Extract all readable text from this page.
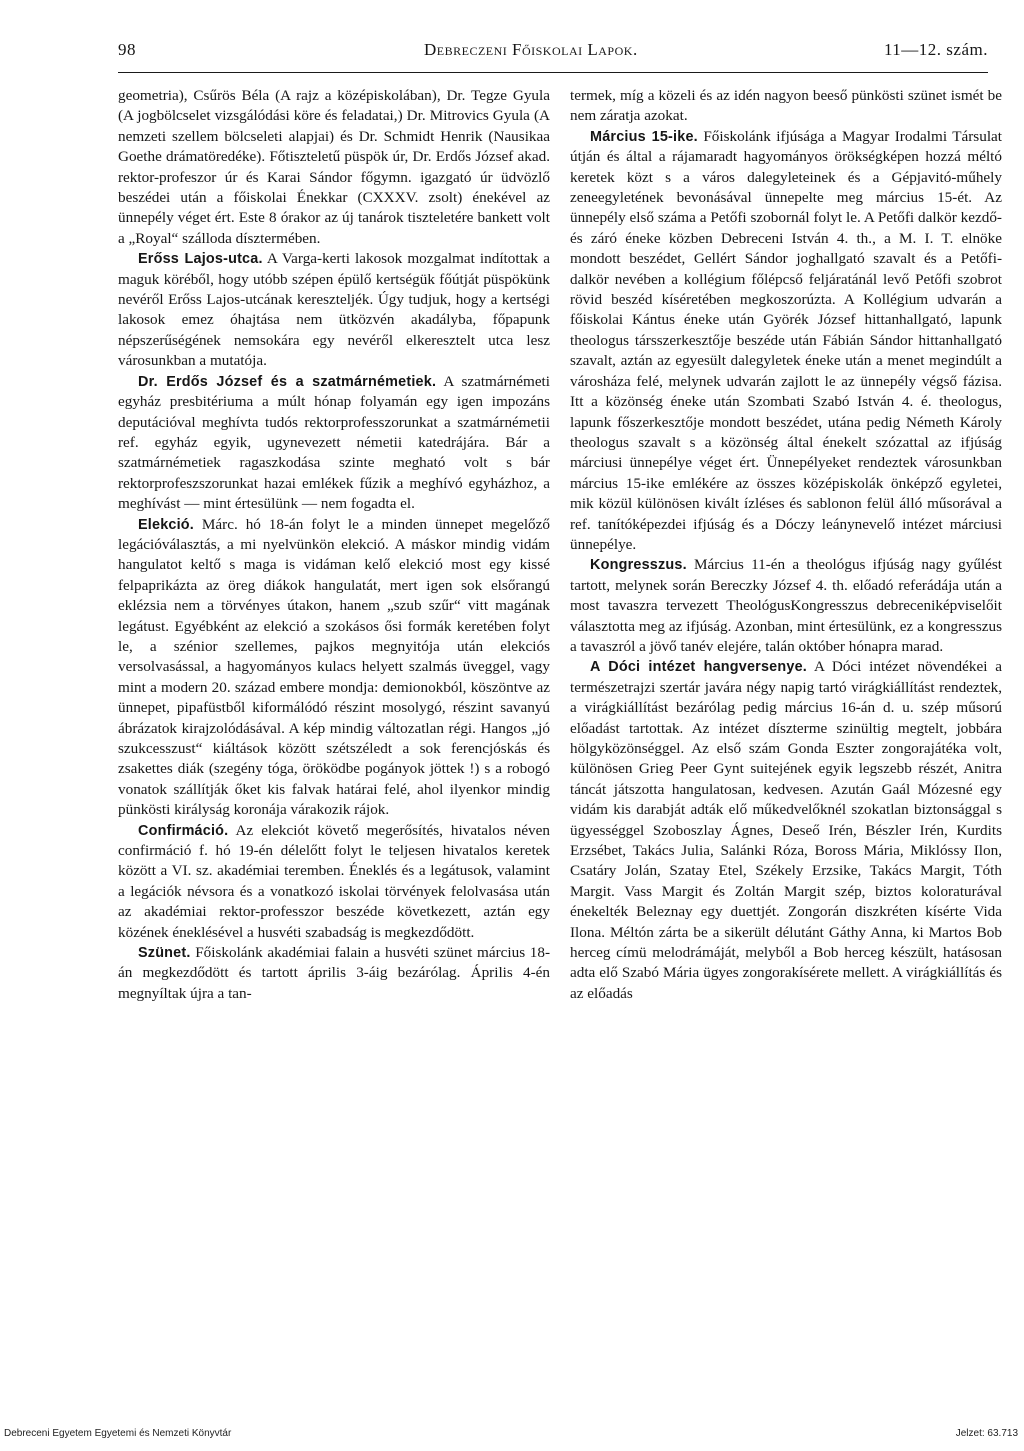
98	Debreczeni Főiskolai Lapok.	11—12. szám.

geometria), Csűrös Béla (A rajz a középiskolában), Dr. Tegze Gyula (A jogbölcselet vizsgálódási köre és feladatai,) Dr. Mitrovics Gyula (A nemzeti szellem bölcseleti alapjai) és Dr. Schmidt Henrik (Nausikaa Goethe drámatöredéke). Főtiszteletű püspök úr, Dr. Erdős József akad. rektor-profeszor úr és Karai Sándor főgymn. igazgató úr üdvözlő beszédei után a főiskolai Énekkar (CXXXV. zsolt) énekével az ünnepély véget ért. Este 8 órakor az új tanárok tiszteletére bankett volt a „Royal“ szálloda dísztermében.

Erőss Lajos-utca. A Varga-kerti lakosok mozgalmat indítottak a maguk köréből, hogy utóbb szépen épülő kertségük főútját püspökünk nevéről Erőss Lajos-utcának kereszteljék. Úgy tudjuk, hogy a kertségi lakosok emez óhajtása nem ütközvén akadályba, főpapunk népszerűségének nemsokára egy nevéről elkeresztelt utca lesz városunkban a mutatója.

Dr. Erdős József és a szatmárnémetiek. A szatmárnémeti egyház presbitériuma a múlt hónap folyamán egy igen impozáns deputációval meghívta tudós rektorprofesszorunkat a szatmárnémetii ref. egyház egyik, ugynevezett németii katedrájára. Bár a szatmárnémetiek ragaszkodása szinte megható volt s bár rektorprofeszszorunkat hazai emlékek fűzik a meghívó egyházhoz, a meghívást — mint értesülünk — nem fogadta el.

Elekció. Márc. hó 18-án folyt le a minden ünnepet megelőző legációválasztás, a mi nyelvünkön elekció. A máskor mindig vidám hangulatot keltő s maga is vidáman kelő elekció most egy kissé felpaprikázta az öreg diákok hangulatát, mert igen sok elsőrangú eklézsia nem a törvényes útakon, hanem „szub szűr“ vitt magának legátust. Egyébként az elekció a szokásos ősi formák keretében folyt le, a szénior szellemes, pajkos megnyitója után elekciós versolvasással, a hagyományos kulacs helyett szalmás üveggel, vagy mint a modern 20. század embere mondja: demionokból, köszöntve az ünnepet, pipafüstből kiformálódó részint mosolygó, részint savanyú ábrázatok kirajzolódásával. A kép mindig változatlan régi. Hangos „jó szukcesszust“ kiáltások között szétszéledt a sok ferencjóskás és zsakettes diák (szegény tóga, öröködbe pogányok jöttek !) s a robogó vonatok szállítják őket kis falvak határai felé, ahol ilyenkor mindig pünkösti királyság koronája várakozik rájok.

Confirmáció. Az elekciót követő megerősítés, hivatalos néven confirmáció f. hó 19-én délelőtt folyt le teljesen hivatalos keretek között a VI. sz. akadémiai teremben. Éneklés és a legátusok, valamint a legációk névsora és a vonatkozó iskolai törvények felolvasása után az akadémiai rektor-professzor beszéde következett, aztán egy közének éneklésével a husvéti szabadság is megkezdődött.

Szünet. Főiskolánk akadémiai falain a husvéti szünet március 18-án megkezdődött és tartott április 3-áig bezárólag. Április 4-én megnyíltak újra a tan-

termek, míg a közeli és az idén nagyon beeső pünkösti szünet ismét be nem záratja azokat.

Március 15-ike. Főiskolánk ifjúsága a Magyar Irodalmi Társulat útján és által a rájamaradt hagyományos örökségképen hozzá méltó keretek közt s a város dalegyleteinek és a Gépjavitó-műhely zeneegyletének bevonásával ünnepelte meg március 15-ét. Az ünnepély első száma a Petőfi szobornál folyt le. A Petőfi dalkör kezdő- és záró éneke közben Debreceni István 4. th., a M. I. T. elnöke mondott beszédet, Gellért Sándor joghallgató szavalt és a Petőfi-dalkör nevében a kollégium főlépcső feljáratánál levő Petőfi szobrot rövid beszéd kíséretében megkoszorúzta. A Kollégium udvarán a főiskolai Kántus éneke után Györék József hittanhallgató, lapunk theologus társszerkesztője beszéde után Fábián Sándor hittanhallgató szavalt, aztán az egyesült dalegyletek éneke után a menet megindúlt a városháza felé, melynek udvarán zajlott le az ünnepély végső fázisa. Itt a közönség éneke után Szombati Szabó István 4. é. theologus, lapunk főszerkesztője mondott beszédet, utána pedig Németh Károly theologus szavalt s a közönség által énekelt szózattal az ifjúság márciusi ünnepélye véget ért. Ünnepélyeket rendeztek városunkban március 15-ike emlékére az összes középiskolák önképző egyletei, mik közül különösen kivált ízléses és sablonon felül álló műsorával a ref. tanítóképezdei ifjúság és a Dóczy leánynevelő intézet márciusi ünnepélye.

Kongresszus. Március 11-én a theológus ifjúság nagy gyűlést tartott, melynek során Bereczky József 4. th. előadó referádája után a most tavaszra tervezett TheológusKongresszus debreceniképviselőit választotta meg az ifjúság. Azonban, mint értesülünk, ez a kongresszus a tavaszról a jövő tanév elejére, talán október hónapra marad.

A Dóci intézet hangversenye. A Dóci intézet növendékei a természetrajzi szertár javára négy napig tartó virágkiállítást rendeztek, a virágkiállítást bezárólag pedig március 16-án d. u. szép műsorú előadást tartottak. Az intézet díszterme szinültig megtelt, jobbára hölgyközönséggel. Az első szám Gonda Eszter zongorajátéka volt, különösen Grieg Peer Gynt suitejének egyik legszebb részét, Anitra táncát játszotta hangulatosan, kedvesen. Azután Gaál Mózesné egy vidám kis darabját adták elő műkedvelőknél szokatlan biztonsággal s ügyességgel Szoboszlay Ágnes, Deseő Irén, Bészler Irén, Kurdits Erzsébet, Takács Julia, Salánki Róza, Boross Mária, Miklóssy Ilon, Csatáry Jolán, Szatay Etel, Székely Erzsike, Takács Margit, Tóth Margit. Vass Margit és Zoltán Margit szép, biztos koloraturával énekelték Beleznay egy duettjét. Zongorán diszkréten kísérte Vida Ilona. Méltón zárta be a sikerült délutánt Gáthy Anna, ki Martos Bob herceg címü melodrámáját, melyből a Bob herceg készült, hatásosan adta elő Szabó Mária ügyes zongorakísérete mellett. A virágkiállítás és az előadás

Debreceni Egyetem Egyetemi és Nemzeti Könyvtár	Jelzet: 63.713
